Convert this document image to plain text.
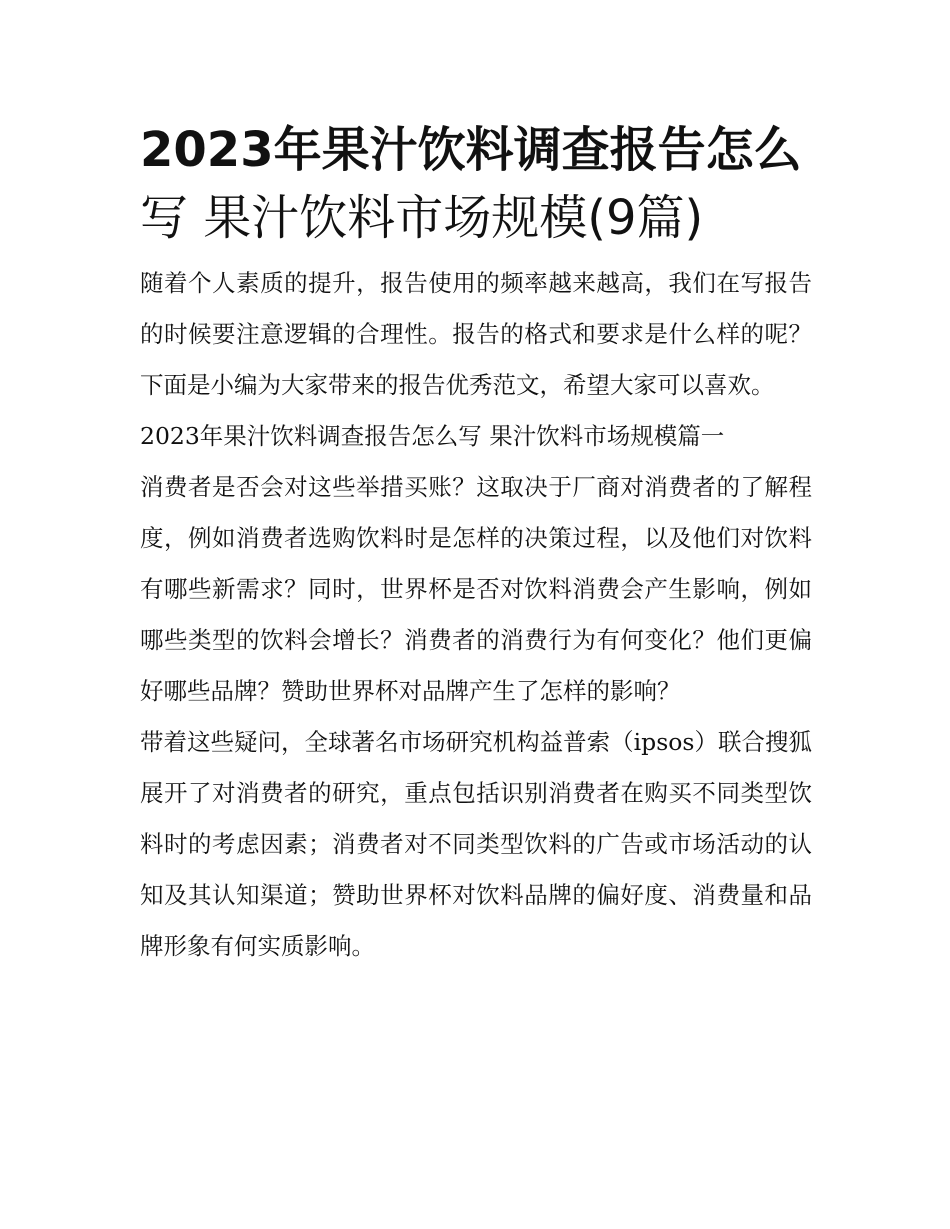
2023年果汁饮料调查报告怎么
写 果汁饮料市场规模(9篇)

随着个人素质的提升，报告使用的频率越来越高，我们在写报告的时候要注意逻辑的合理性。报告的格式和要求是什么样的呢？下面是小编为大家带来的报告优秀范文，希望大家可以喜欢。

2023年果汁饮料调查报告怎么写 果汁饮料市场规模篇一

消费者是否会对这些举措买账？这取决于厂商对消费者的了解程度，例如消费者选购饮料时是怎样的决策过程，以及他们对饮料有哪些新需求？同时，世界杯是否对饮料消费会产生影响，例如哪些类型的饮料会增长？消费者的消费行为有何变化？他们更偏好哪些品牌？赞助世界杯对品牌产生了怎样的影响？

带着这些疑问，全球著名市场研究机构益普索（ipsos）联合搜狐展开了对消费者的研究，重点包括识别消费者在购买不同类型饮料时的考虑因素；消费者对不同类型饮料的广告或市场活动的认知及其认知渠道；赞助世界杯对饮料品牌的偏好度、消费量和品牌形象有何实质影响。
